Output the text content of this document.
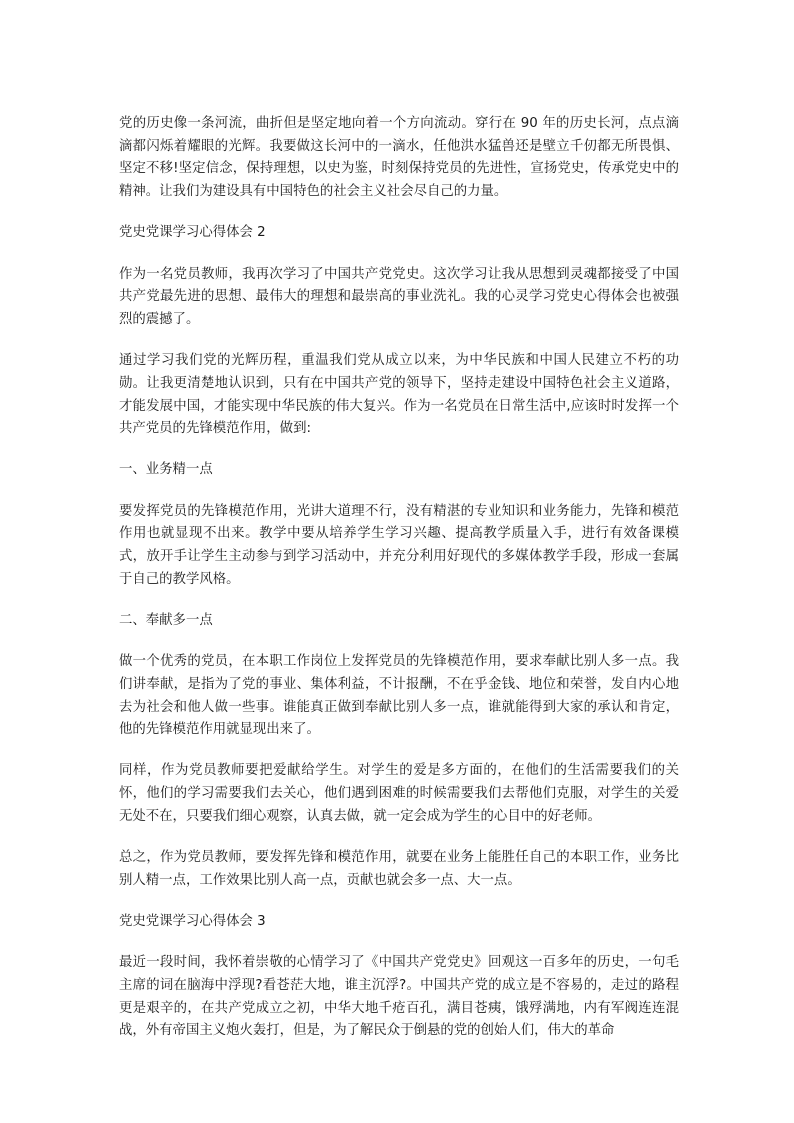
党的历史像一条河流，曲折但是坚定地向着一个方向流动。穿行在 90 年的历史长河，点点滴滴都闪烁着耀眼的光辉。我要做这长河中的一滴水，任他洪水猛兽还是壁立千仞都无所畏惧、坚定不移!坚定信念，保持理想，以史为鉴，时刻保持党员的先进性，宣扬党史，传承党史中的精神。让我们为建设具有中国特色的社会主义社会尽自己的力量。

党史党课学习心得体会 2

作为一名党员教师，我再次学习了中国共产党党史。这次学习让我从思想到灵魂都接受了中国共产党最先进的思想、最伟大的理想和最崇高的事业洗礼。我的心灵学习党史心得体会也被强烈的震撼了。

通过学习我们党的光辉历程，重温我们党从成立以来，为中华民族和中国人民建立不朽的功勋。让我更清楚地认识到，只有在中国共产党的领导下，坚持走建设中国特色社会主义道路，才能发展中国，才能实现中华民族的伟大复兴。作为一名党员在日常生活中,应该时时发挥一个共产党员的先锋模范作用，做到:

一、业务精一点

要发挥党员的先锋模范作用，光讲大道理不行，没有精湛的专业知识和业务能力，先锋和模范作用也就显现不出来。教学中要从培养学生学习兴趣、提高教学质量入手，进行有效备课模式，放开手让学生主动参与到学习活动中，并充分利用好现代的多媒体教学手段，形成一套属于自己的教学风格。

二、奉献多一点

做一个优秀的党员，在本职工作岗位上发挥党员的先锋模范作用，要求奉献比别人多一点。我们讲奉献，是指为了党的事业、集体利益，不计报酬，不在乎金钱、地位和荣誉，发自内心地去为社会和他人做一些事。谁能真正做到奉献比别人多一点，谁就能得到大家的承认和肯定，他的先锋模范作用就显现出来了。

同样，作为党员教师要把爱献给学生。对学生的爱是多方面的，在他们的生活需要我们的关怀，他们的学习需要我们去关心，他们遇到困难的时候需要我们去帮他们克服，对学生的关爱无处不在，只要我们细心观察，认真去做，就一定会成为学生的心目中的好老师。

总之，作为党员教师，要发挥先锋和模范作用，就要在业务上能胜任自己的本职工作，业务比别人精一点，工作效果比别人高一点，贡献也就会多一点、大一点。

党史党课学习心得体会 3

最近一段时间，我怀着崇敬的心情学习了《中国共产党党史》回观这一百多年的历史，一句毛主席的词在脑海中浮现?看苍茫大地，谁主沉浮?。中国共产党的成立是不容易的，走过的路程更是艰辛的，在共产党成立之初，中华大地千疮百孔，满目苍痍，饿殍满地，内有军阀连连混战，外有帝国主义炮火轰打，但是，为了解民众于倒悬的党的创始人们，伟大的革命
